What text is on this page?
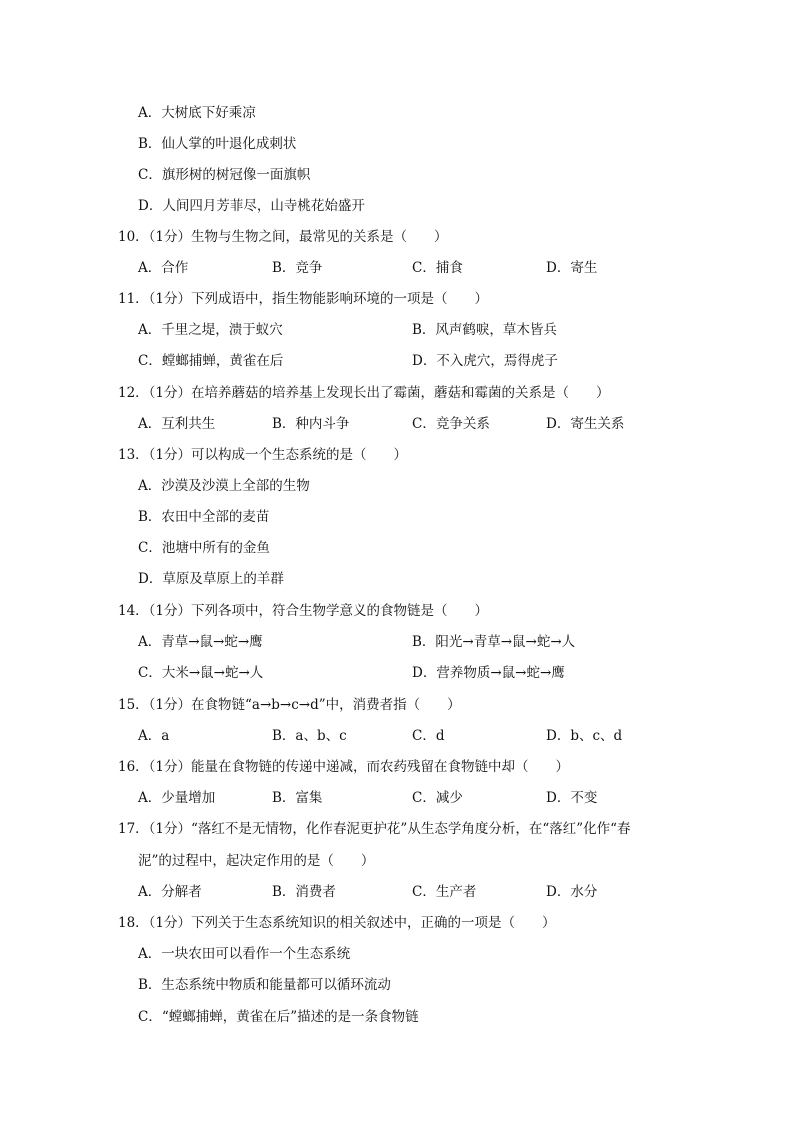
A．大树底下好乘凉
B．仙人掌的叶退化成刺状
C．旗形树的树冠像一面旗帜
D．人间四月芳菲尽，山寺桃花始盛开
10．（1分）生物与生物之间，最常见的关系是（　　）
A．合作	B．竞争	C．捕食	D．寄生
11．（1分）下列成语中，指生物能影响环境的一项是（　　）
A．千里之堤，溃于蚁穴	B．风声鹤唳，草木皆兵
C．螳螂捕蝉，黄雀在后	D．不入虎穴，焉得虎子
12．（1分）在培养蘑菇的培养基上发现长出了霉菌，蘑菇和霉菌的关系是（　　）
A．互利共生	B．种内斗争	C．竞争关系	D．寄生关系
13．（1分）可以构成一个生态系统的是（　　）
A．沙漠及沙漠上全部的生物
B．农田中全部的麦苗
C．池塘中所有的金鱼
D．草原及草原上的羊群
14．（1分）下列各项中，符合生物学意义的食物链是（　　）
A．青草→鼠→蛇→鹰	B．阳光→青草→鼠→蛇→人
C．大米→鼠→蛇→人	D．营养物质→鼠→蛇→鹰
15．（1分）在食物链“a→b→c→d”中，消费者指（　　）
A．a	B．a、b、c	C．d	D．b、c、d
16．（1分）能量在食物链的传递中递减，而农药残留在食物链中却（　　）
A．少量增加	B．富集	C．减少	D．不变
17．（1分）“落红不是无情物，化作春泥更护花”从生态学角度分析，在“落红”化作“春
泥”的过程中，起决定作用的是（　　）
A．分解者	B．消费者	C．生产者	D．水分
18．（1分）下列关于生态系统知识的相关叙述中，正确的一项是（　　）
A．一块农田可以看作一个生态系统
B．生态系统中物质和能量都可以循环流动
C．“螳螂捕蝉，黄雀在后”描述的是一条食物链
